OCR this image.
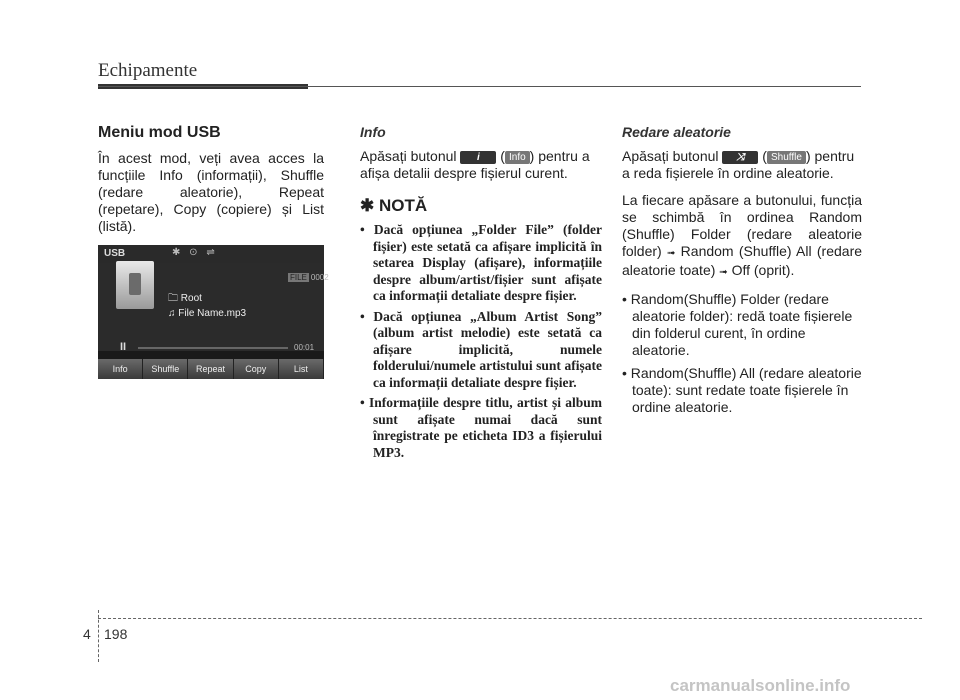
Echipamente
Meniu mod USB

În acest mod, veți avea acces la funcțiile Info (informații), Shuffle (redare aleatorie), Repeat (repetare), Copy (copiere) și List (listă).

USB	✱ ⊙ ⇌
FILE 0002
🗀 Root
♫ File Name.mp3
II	00:01
Info	Shuffle	Repeat	Copy	List
Info

Apăsați butonul i ( Info ) pentru a afișa detalii despre fișierul curent.

✱ NOTĂ
• Dacă opțiunea „Folder File” (folder fișier) este setată ca afișare implicită în setarea Display (afișare), informațiile despre album/artist/fișier sunt afișate ca informații detaliate despre fișier.
• Dacă opțiunea „Album Artist Song” (album artist melodie) este setată ca afișare implicită, numele folderului/numele artistului sunt afișate ca informații detaliate despre fișier.
• Informațiile despre titlu, artist și album sunt afișate numai dacă sunt înregistrate pe eticheta ID3 a fișierului MP3.
Redare aleatorie

Apăsați butonul ⤨ ( Shuffle ) pentru a reda fișierele în ordine aleatorie.

La fiecare apăsare a butonului, funcția se schimbă în ordinea Random (Shuffle) Folder (redare aleatorie folder) ➟ Random (Shuffle) All (redare aleatorie toate) ➟ Off (oprit).

• Random(Shuffle) Folder (redare aleatorie folder): redă toate fișierele din folderul curent, în ordine aleatorie.
• Random(Shuffle) All (redare aleatorie toate): sunt redate toate fișierele în ordine aleatorie.
4 198
carmanualsonline.info
